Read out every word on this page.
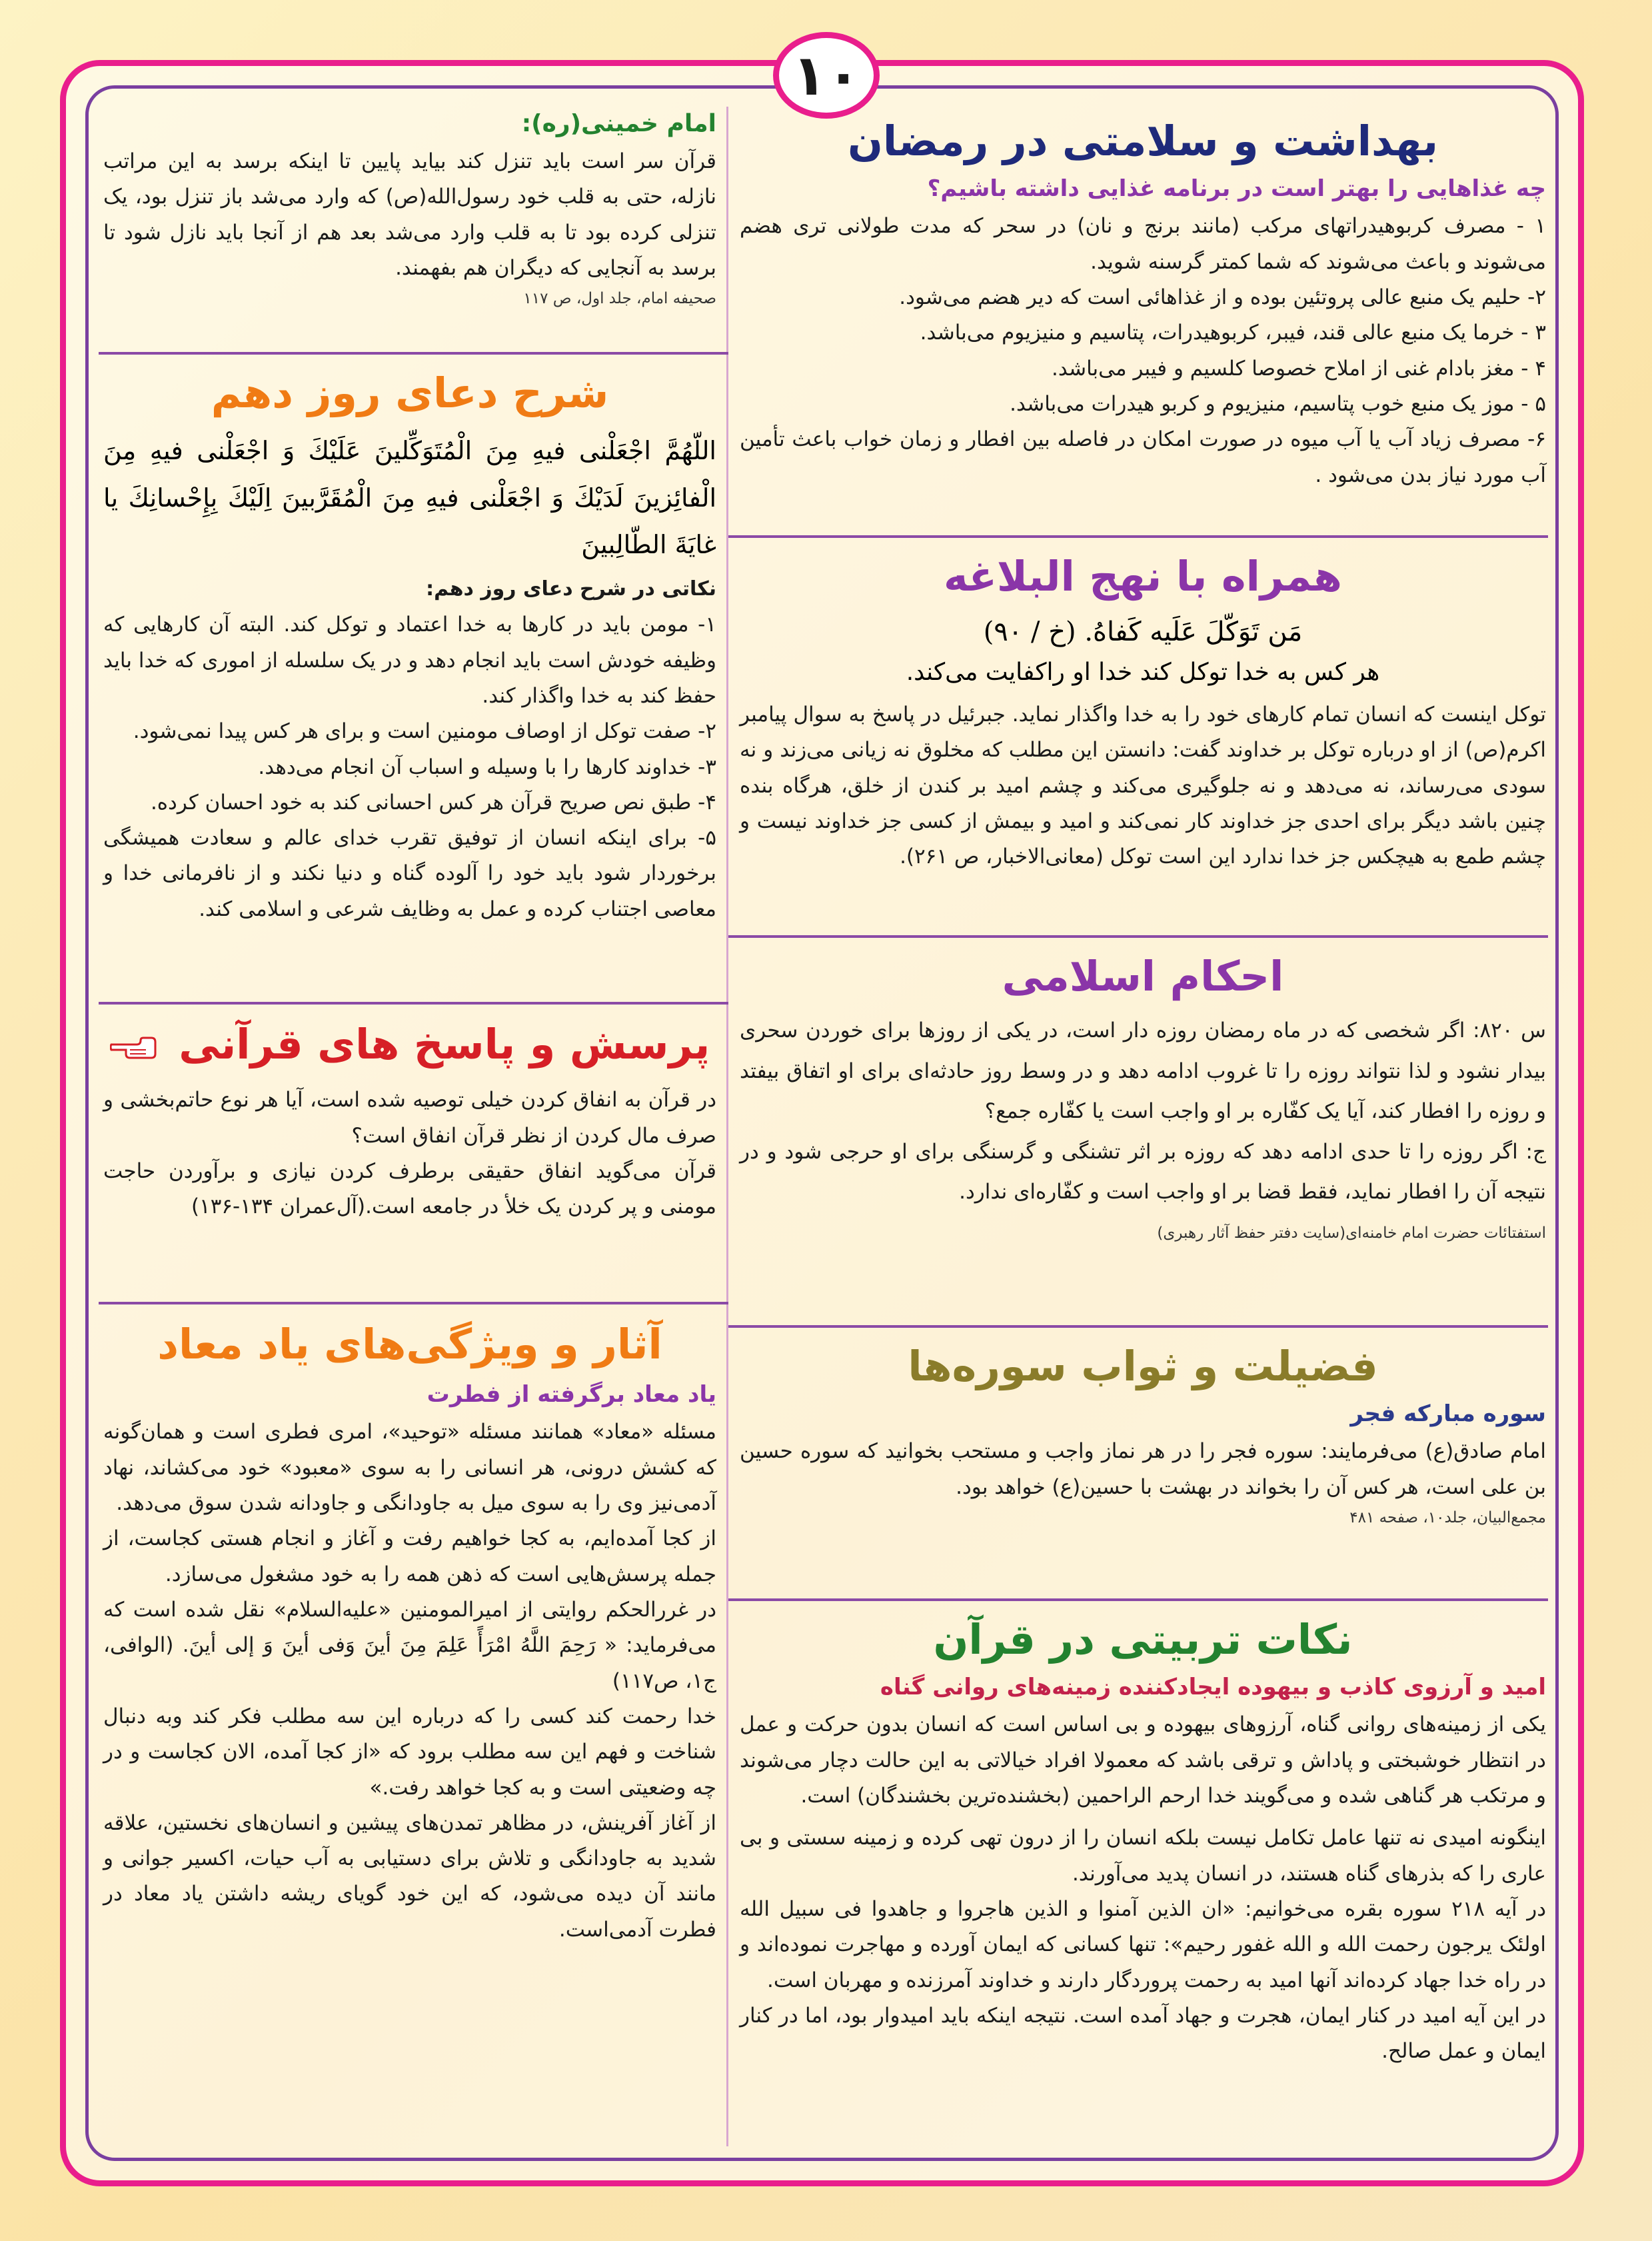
۱۰
بهداشت و سلامتی در رمضان
چه غذاهایی را بهتر است در برنامه غذایی داشته باشیم؟

۱ - مصرف کربوهیدراتهای مرکب (مانند برنج و نان) در سحر که مدت طولانی تری هضم می‌شوند و باعث می‌شوند که شما کمتر گرسنه شوید.

۲- حلیم یک منبع عالی پروتئین بوده و از غذاهائی است که دیر هضم می‌شود.

۳ - خرما یک منبع عالی قند، فیبر، کربوهیدرات، پتاسیم و منیزیوم می‌باشد.

۴ - مغز بادام غنی از املاح خصوصا کلسیم و فیبر می‌باشد.

۵ - موز یک منبع خوب پتاسیم، منیزیوم و کربو هیدرات می‌باشد.

۶- مصرف زیاد آب یا آب میوه در صورت امکان در فاصله بین افطار و زمان خواب باعث تأمین آب مورد نیاز بدن می‌شود .

همراه با نهج البلاغه
مَن تَوَکّلَ عَلَیه کَفاهُ. (خ / ۹۰)
هر کس به خدا توکل کند خدا او راکفایت می‌کند.

توکل اینست که انسان تمام کارهای خود را به خدا واگذار نماید. جبرئیل در پاسخ به سوال پیامبر اکرم(ص) از او درباره توکل بر خداوند گفت: دانستن این مطلب که مخلوق نه زیانی می‌زند و نه سودی می‌رساند، نه می‌دهد و نه جلوگیری می‌کند و چشم امید بر کندن از خلق، هرگاه بنده چنین باشد دیگر برای احدی جز خداوند کار نمی‌کند و امید و بیمش از کسی جز خداوند نیست و چشم طمع به هیچکس جز خدا ندارد این است توکل (معانی‌الاخبار، ص ۲۶۱).

احکام اسلامی

س ۸۲۰: اگر شخصی که در ماه رمضان روزه دار است، در یکی از روزها برای خوردن سحری بیدار نشود و لذا نتواند روزه را تا غروب ادامه دهد و در وسط روز حادثه‌ای برای او اتفاق بیفتد و روزه را افطار کند، آیا یک کفّاره بر او واجب است یا کفّاره جمع؟

ج: اگر روزه را تا حدی ادامه دهد که روزه بر اثر تشنگی و گرسنگی برای او حرجی شود و در نتیجه آن را افطار نماید، فقط قضا بر او واجب است و کفّاره‌ای ندارد.

استفتائات حضرت امام خامنه‌ای(سایت دفتر حفظ آثار رهبری)
فضیلت و ثواب سوره‌ها
سوره مبارکه فجر

امام صادق(ع) می‌فرمایند: سوره فجر را در هر نماز واجب و مستحب بخوانید که سوره حسین بن علی است، هر کس آن را بخواند در بهشت با حسین(ع) خواهد بود.

مجمع‌البیان، جلد۱۰، صفحه ۴۸۱
نکات تربیتی در قرآن
امید و آرزوی کاذب و بیهوده ایجادکننده زمینه‌های روانی گناه

یکی از زمینه‌های روانی گناه، آرزوهای بیهوده و بی اساس است که انسان بدون حرکت و عمل در انتظار خوشبختی و پاداش و ترقی باشد که معمولا افراد خیالاتی به این حالت دچار می‌شوند و مرتکب هر گناهی شده و می‌گویند خدا ارحم الراحمین (بخشنده‌ترین بخشندگان) است.

اینگونه امیدی نه تنها عامل تکامل نیست بلکه انسان را از درون تهی کرده و زمینه سستی و بی عاری را که بذرهای گناه هستند، در انسان پدید می‌آورند.

در آیه ۲۱۸ سوره بقره می‌خوانیم: «ان الذین آمنوا و الذین هاجروا و جاهدوا فی سبیل الله اولئک یرجون رحمت الله و الله غفور رحیم»: تنها کسانی که ایمان آورده و مهاجرت نموده‌اند و در راه خدا جهاد کرده‌اند آنها امید به رحمت پروردگار دارند و خداوند آمرزنده و مهربان است.

در این آیه امید در کنار ایمان، هجرت و جهاد آمده است. نتیجه اینکه باید امیدوار بود، اما در کنار ایمان و عمل صالح.

امام خمینی(ره):

قرآن سر است باید تنزل کند بیاید پایین تا اینکه برسد به این مراتب نازله، حتی به قلب خود رسول‌الله(ص) که وارد می‌شد باز تنزل بود، یک تنزلی کرده بود تا به قلب وارد می‌شد بعد هم از آنجا باید نازل شود تا برسد به آنجایی که دیگران هم بفهمند.

صحیفه امام، جلد اول، ص ۱۱۷
شرح دعای روز دهم
اللّهُمَّ اجْعَلْنی فیهِ مِنَ الْمُتَوَكِّلینَ عَلَيْكَ وَ اجْعَلْنی فیهِ مِنَ الْفائِزینَ لَدَيْكَ وَ اجْعَلْنی فیهِ مِنَ الْمُقَرَّبینَ اِلَيْكَ بِإِحْسانِكَ يا غايَةَ الطّالِبینَ
نکاتی در شرح دعای روز دهم:

۱- مومن باید در کارها به خدا اعتماد و توکل کند. البته آن کارهایی که وظیفه خودش است باید انجام دهد و در یک سلسله از اموری که خدا باید حفظ کند به خدا واگذار کند.

۲- صفت توکل از اوصاف مومنین است و برای هر کس پیدا نمی‌شود.

۳- خداوند کارها را با وسیله و اسباب آن انجام می‌دهد.

۴- طبق نص صریح قرآن هر کس احسانی کند به خود احسان کرده.

۵- برای اینکه انسان از توفیق تقرب خدای عالم و سعادت همیشگی برخوردار شود باید خود را آلوده گناه و دنیا نکند و از نافرمانی خدا و معاصی اجتناب کرده و عمل به وظایف شرعی و اسلامی کند.

پرسش و پاسخ های قرآنی

در قرآن به انفاق کردن خیلی توصیه شده است، آیا هر نوع حاتم‌بخشی و صرف مال کردن از نظر قرآن انفاق است؟

قرآن می‌گوید انفاق حقیقی برطرف کردن نیازی و برآوردن حاجت مومنی و پر کردن یک خلأ در جامعه است.(آل‌عمران ۱۳۴-۱۳۶)

آثار و ویژگی‌های یاد معاد
یاد معاد برگرفته از فطرت

مسئله «معاد» همانند مسئله «توحید»، امری فطری است و همان‌گونه که کشش درونی، هر انسانی را به سوی «معبود» خود می‌کشاند، نهاد آدمی‌نیز وی را به سوی میل به جاودانگی و جاودانه شدن سوق می‌دهد.

از کجا آمده‌ایم، به کجا خواهیم رفت و آغاز و انجام هستی کجاست، از جمله پرسش‌هایی است که ذهن همه را به خود مشغول می‌سازد.

در غررالحکم روایتی از امیرالمومنین «علیه‌السلام» نقل شده است که می‌فرماید: « رَحِمَ اللَّهُ امْرَأً عَلِمَ مِنَ أینَ وَفی أینَ وَ إلی أینَ. (الوافی، ج۱، ص۱۱۷)

خدا رحمت کند کسی را که درباره این سه مطلب فکر کند وبه دنبال شناخت و فهم این سه مطلب برود که «از کجا آمده، الان کجاست و در چه وضعیتی است و به کجا خواهد رفت.»

از آغاز آفرینش، در مظاهر تمدن‌های پیشین و انسان‌های نخستین، علاقه شدید به جاودانگی و تلاش برای دستیابی به آب حیات، اکسیر جوانی و مانند آن دیده می‌شود، که این خود گویای ریشه داشتن یاد معاد در فطرت آدمی‌است.
